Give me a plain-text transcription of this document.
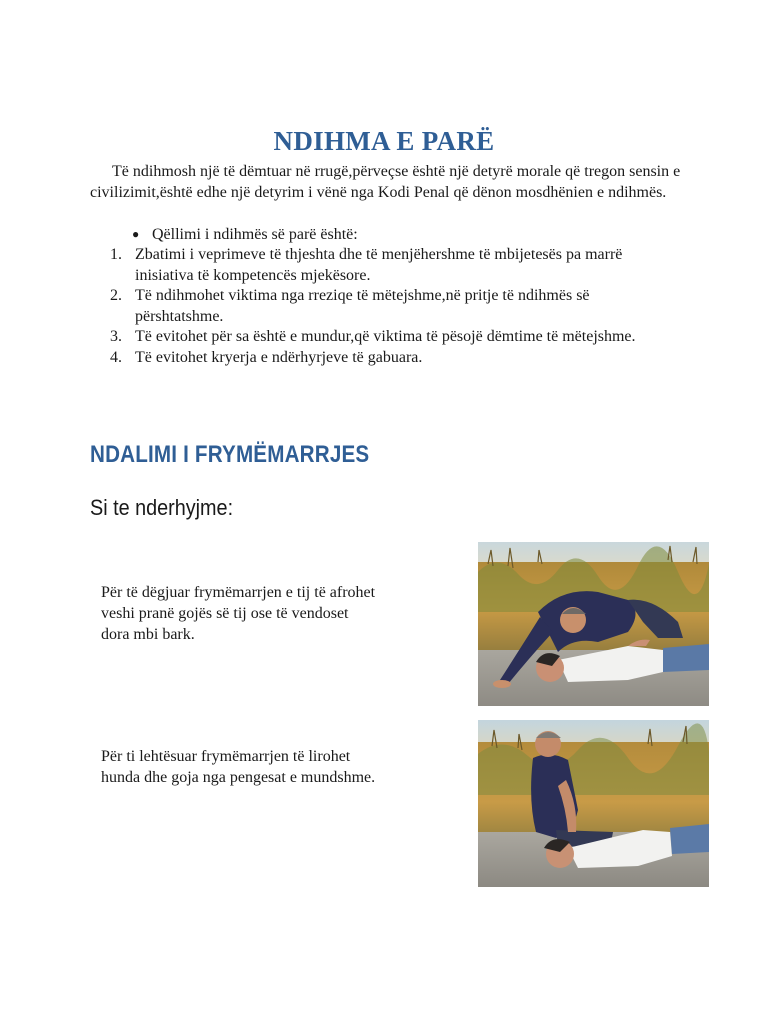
NDIHMA E PARË

Të ndihmosh një të dëmtuar në rrugë,përveçse është një detyrë morale që tregon sensin e civilizimit,është edhe një detyrim i vënë nga Kodi Penal që dënon mosdhënien e ndihmës.

● Qëllimi i ndihmës së parë është:
1. Zbatimi i veprimeve të thjeshta dhe të menjëhershme të mbijetesës pa marrë inisiativa të kompetencës mjekësore.
2. Të ndihmohet viktima nga rreziqe të mëtejshme,në pritje të ndihmës së përshtatshme.
3. Të evitohet për sa është e mundur,që viktima të pësojë dëmtime të mëtejshme.
4. Të evitohet kryerja e ndërhyrjeve të gabuara.
NDALIMI I FRYMËMARRJES
Si te nderhyjme:
Për të dëgjuar frymëmarrjen e tij të afrohet veshi pranë gojës së tij ose të vendoset dora mbi bark.
Për ti lehtësuar frymëmarrjen të lirohet hunda dhe goja nga pengesat e mundshme.
